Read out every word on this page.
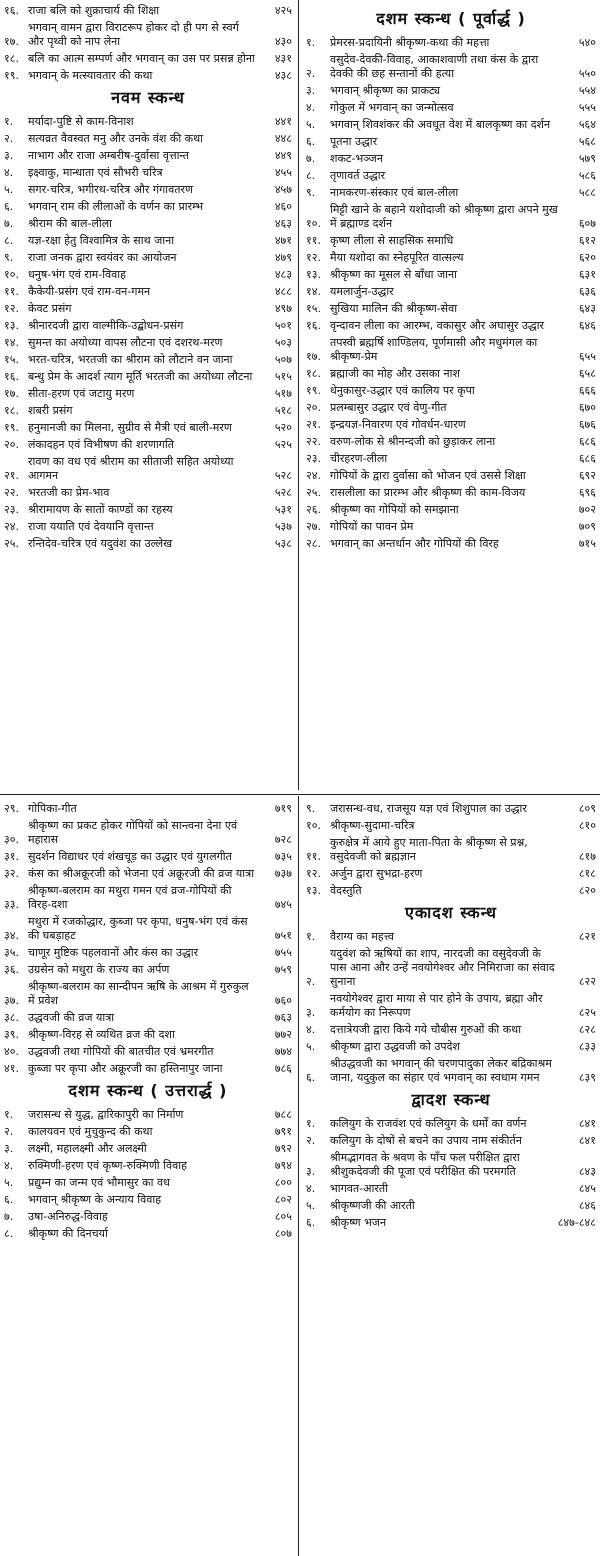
१६. राजा बलि को शुक्राचार्य की शिक्षा	४२५
१७.
भगवान् वामन द्वारा विराटरूप होकर दो ही पग से स्वर्ग और पृथ्वी को नाप लेना	४३०
१८. बलि का आत्म सम्पर्ण और भगवान् का उस पर प्रसन्न होना	४३१
१९. भगवान् के मत्स्यावतार की कथा	४३८
नवम स्कन्ध
१.	मर्यादा-पुष्टि से काम-विनाश	४४१
२.	सत्यव्रत वैवस्वत मनु और उनके वंश की कथा	४४८
३.	नाभाग और राजा अम्बरीष-दुर्वासा वृत्तान्त	४४९
४.	इक्ष्वाकु, मान्धाता एवं सौभरी चरित्र	४५५
५.	सगर-चरित्र, भगीरथ-चरित्र और गंगावतरण	४५७
६.	भगवान् राम की लीलाओं के वर्णन का प्रारम्भ	४६०
७.	श्रीराम की बाल-लीला	४६३
८.	यज्ञ-रक्षा हेतु विश्वामित्र के साथ जाना	४७१
९.	राजा जनक द्वारा स्वयंवर का आयोजन	४७९
१०. धनुष-भंग एवं राम-विवाह	४८३
११. कैकेयी-प्रसंग एवं राम-वन-गमन	४८८
१२. केवट प्रसंग	४९७
१३. श्रीनारदजी द्वारा वाल्मीकि-उद्बोधन-प्रसंग	५०१
१४. सुमन्त का अयोध्या वापस लौटना एवं दशरथ-मरण	५०३
१५. भरत-चरित्र, भरतजी का श्रीराम को लौटाने वन जाना	५०७
१६. बन्धु प्रेम के आदर्श त्याग मूर्ति भरतजी का अयोध्या लौटना	५१५
१७. सीता-हरण एवं जटायु मरण	५१७
१८. शबरी प्रसंग	५१८
१९. हनुमानजी का मिलना, सुग्रीव से मैत्री एवं बाली-मरण	५२०
२०. लंकादहन एवं विभीषण की शरणागति	५२५
२१.
रावण का वध एवं श्रीराम का सीताजी सहित अयोध्या आगमन	५२८
२२. भरतजी का प्रेम-भाव	५२८
२३. श्रीरामायण के सातों काण्डों का रहस्य	५३१
२४. राजा ययाति एवं देवयानि वृत्तान्त	५३७
२५. रन्तिदेव-चरित्र एवं यदुवंश का उल्लेख	५३८
दशम स्कन्ध ( पूर्वार्द्ध )
१.	प्रेमरस-प्रदायिनी श्रीकृष्ण-कथा की महत्ता	५४०
२.
वसुदेव-देवकी-विवाह, आकाशवाणी तथा कंस के द्वारा देवकी की छह सन्तानों की हत्या	५५०
३.	भगवान् श्रीकृष्ण का प्राकट्य	५५४
४.	गोकुल में भगवान् का जन्मोत्सव	५५५
५.	भगवान् शिवशंकर की अवधूत वेश में बालकृष्ण का दर्शन	५६४
६.	पूतना उद्धार	५६८
७.	शकट-भञ्जन	५७९
८.	तृणावर्त उद्धार	५८६
९.	नामकरण-संस्कार एवं बाल-लीला	५८८
१०.
मिट्टी खाने के बहाने यशोदाजी को श्रीकृष्ण द्वारा अपने मुख में ब्रह्माण्ड दर्शन	६०७
११. कृष्ण लीला से साहसिक समाधि	६१२
१२. मैया यशोदा का स्नेहपूरित वात्सल्य	६२०
१३. श्रीकृष्ण का मूसल से बाँधा जाना	६३१
१४. यमलार्जुन-उद्धार	६३६
१५. सुखिया मालिन की श्रीकृष्ण-सेवा	६४३
१६. वृन्दावन लीला का आरम्भ, वकासुर और अघासुर उद्धार	६४६
१७.
तपस्वी ब्रह्मर्षि शाण्डिलय, पूर्णमासी और मधुमंगल का श्रीकृष्ण-प्रेम	६५५
१८. ब्रह्माजी का मोह और उसका नाश	६५८
१९. धेनुकासुर-उद्धार एवं कालिय पर कृपा	६६६
२०. प्रलम्बासुर उद्धार एवं वेणु-गीत	६७०
२१. इन्द्रयज्ञ-निवारण एवं गोवर्धन-धारण	६७६
२२. वरुण-लोक से श्रीनन्दजी को छुड़ाकर लाना	६८६
२३. चीरहरण-लीला	६८६
२४. गोपियों के द्वारा दुर्वासा को भोजन एवं उससे शिक्षा	६९२
२५. रासलीला का प्रारम्भ और श्रीकृष्ण की काम-विजय	६९६
२६. श्रीकृष्ण का गोपियों को समझाना	७०२
२७. गोपियों का पावन प्रेम	७०९
२८. भगवान् का अन्तर्धान और गोपियों की विरह	७१५
२९. गोपिका-गीत	७१९
३०.
श्रीकृष्ण का प्रकट होकर गोपियों को सान्त्वना देना एवं महारास	७२८
३१. सुदर्शन विद्याधर एवं शंखचूड़ का उद्धार एवं युगलगीत	७३५
३२. कंस का श्रीअक्रूरजी को भेजना एवं अक्रूरजी की व्रज यात्रा	७३७
३३.
श्रीकृष्ण-बलराम का मथुरा गमन एवं व्रज-गोपियों की विरह-दशा	७४५
३४.
मथुरा में रजकोद्धार, कुब्जा पर कृपा, धनुष-भंग एवं कंस की घबड़ाहट	७५१
३५. चाणूर मुष्टिक पहलवानों और कंस का उद्धार	७५५
३६. उग्रसेन को मथुरा के राज्य का अर्पण	७५९
३७.
श्रीकृष्ण-बलराम का सान्दीपन ऋषि के आश्रम में गुरुकुल में प्रवेश	७६०
३८. उद्धवजी की व्रज यात्रा	७६३
३९. श्रीकृष्ण-विरह से व्यथित व्रज की दशा	७७२
४०. उद्धवजी तथा गोपियों की बातचीत एवं भ्रमरगीत	७७४
४१. कुब्जा पर कृपा और अक्रूरजी का हस्तिनापुर जाना	७८६
दशम स्कन्ध ( उत्तरार्द्ध )
१.	जरासन्ध से युद्ध, द्वारिकापुरी का निर्माण	७८८
२.	कालयवन एवं मुचुकुन्द की कथा	७९१
३.	लक्ष्मी, महालक्ष्मी और अलक्ष्मी	७९२
४.	रुक्मिणी-हरण एवं कृष्ण-रुक्मिणी विवाह	७९४
५.	प्रद्युम्न का जन्म एवं भौमासुर का वध	८००
६.	भगवान् श्रीकृष्ण के अन्याय विवाह	८०२
७.	उषा-अनिरुद्ध-विवाह	८०५
८.	श्रीकृष्ण की दिनचर्या	८०७
९.	जरासन्ध-वध, राजसूय यज्ञ एवं शिशुपाल का उद्धार	८०९
१०. श्रीकृष्ण-सुदामा-चरित्र	८१०
११.
कुरुक्षेत्र में आये हुए माता-पिता के श्रीकृष्ण से प्रश्न, वसुदेवजी को ब्रह्मज्ञान	८१७
१२. अर्जुन द्वारा सुभद्रा-हरण	८१८
१३. वेदस्तुति	८२०
एकादश स्कन्ध
१.	वैराग्य का महत्त्व	८२१
२.
यदुवंश को ऋषियों का शाप, नारदजी का वसुदेवजी के पास आना और उन्हें नवयोगेश्वर और निमिराजा का संवाद सुनाना	८२२
३.
नवयोगेश्वर द्वारा माया से पार होने के उपाय, ब्रह्मा और कर्मयोग का निरूपण	८२५
४.	दत्तात्रेयजी द्वारा किये गये चौबीस गुरुओं की कथा	८२८
५.	श्रीकृष्ण द्वारा उद्धवजी को उपदेश	८३३
६.
श्रीउद्धवजी का भगवान् की चरणपादुका लेकर बद्रिकाश्रम जाना, यदुकुल का संहार एवं भगवान् का स्वधाम गमन	८३९
द्वादश स्कन्ध
१.	कलियुग के राजवंश एवं कलियुग के धर्मों का वर्णन	८४१
२.	कलियुग के दोषों से बचने का उपाय नाम संकीर्तन	८४१
३.
श्रीमद्भागवत के श्रवण के पाँच फल परीक्षित द्वारा श्रीशुकदेवजी की पूजा एवं परीक्षित की परमगति	८४३
४.	भागवत-आरती	८४५
५.	श्रीकृष्णजी की आरती	८४६
६.	श्रीकृष्ण भजन	८४७-८४८
